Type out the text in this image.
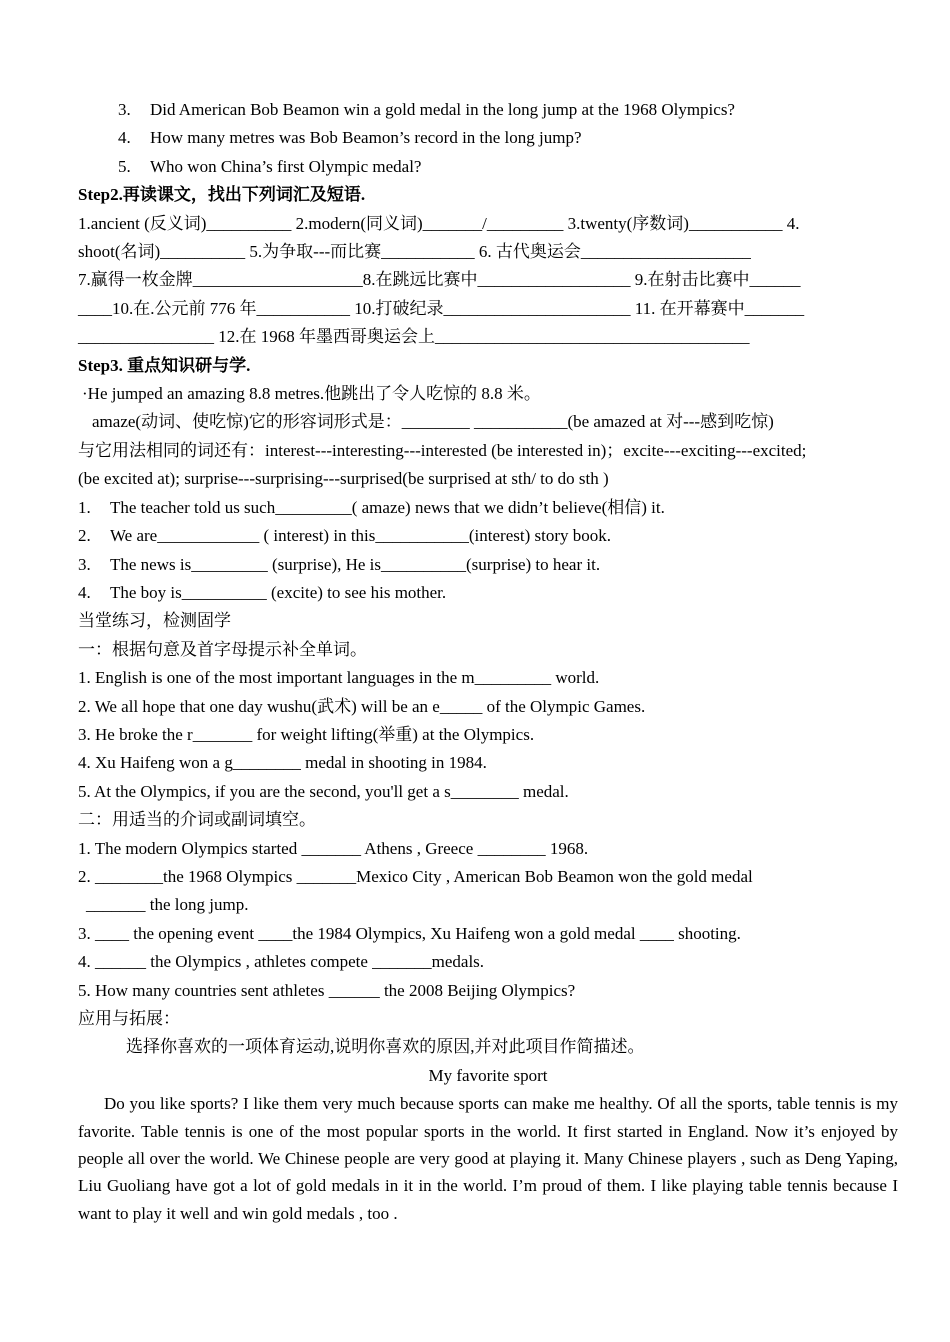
3. Did American Bob Beamon win a gold medal in the long jump at the 1968 Olympics?
4. How many metres was Bob Beamon’s record in the long jump?
5. Who won China’s first Olympic medal?
Step2.再读课文，找出下列词汇及短语.
1.ancient (反义词)__________ 2.modern(同义词)_______/_________ 3.twenty(序数词)___________ 4.
shoot(名词)__________ 5.为争取---而比赛___________ 6. 古代奥运会____________________
7.赢得一枚金牌____________________8.在跳远比赛中__________________ 9.在射击比赛中______
____10.在.公元前 776 年___________ 10.打破纪录______________________ 11. 在开幕赛中_______
________________ 12.在 1968 年墨西哥奥运会上_____________________________________
Step3. 重点知识研与学.
·He jumped an amazing 8.8 metres.他跳出了令人吃惊的 8.8 米。
amaze(动词、使吃惊)它的形容词形式是：________ ___________(be amazed at 对---感到吃惊)
与它用法相同的词还有：interest---interesting---interested (be interested in)；excite---exciting---excited;
(be excited at); surprise---surprising---surprised(be surprised at sth/ to do sth )
1. The teacher told us such_________( amaze) news that we didn’t believe(相信) it.
2. We are____________ ( interest) in this___________(interest) story book.
3. The news is_________ (surprise), He is__________(surprise) to hear it.
4. The boy is__________ (excite) to see his mother.
当堂练习，检测固学
一：根据句意及首字母提示补全单词。
1. English is one of the most important languages in the m_________ world.
2. We all hope that one day wushu(武术) will be an e_____ of the Olympic Games.
3. He broke the r_______ for weight lifting(举重) at the Olympics.
4. Xu Haifeng won a g________ medal in shooting in 1984.
5. At the Olympics, if you are the second, you'll get a s________ medal.
二：用适当的介词或副词填空。
1. The modern Olympics started _______ Athens , Greece ________ 1968.
2. ________the 1968 Olympics _______Mexico City , American Bob Beamon won the gold medal
_______ the long jump.
3. ____ the opening event ____the 1984 Olympics, Xu Haifeng won a gold medal ____ shooting.
4. ______ the Olympics , athletes compete _______medals.
5. How many countries sent athletes ______ the 2008 Beijing Olympics?
应用与拓展：
选择你喜欢的一项体育运动,说明你喜欢的原因,并对此项目作简描述。
My favorite sport
Do you like sports? I like them very much because sports can make me healthy. Of all the sports, table tennis is my favorite. Table tennis is one of the most popular sports in the world. It first started in England. Now it’s enjoyed by people all over the world. We Chinese people are very good at playing it. Many Chinese players , such as Deng Yaping, Liu Guoliang have got a lot of gold medals in it in the world. I’m proud of them. I like playing table tennis because I want to play it well and win gold medals , too .
